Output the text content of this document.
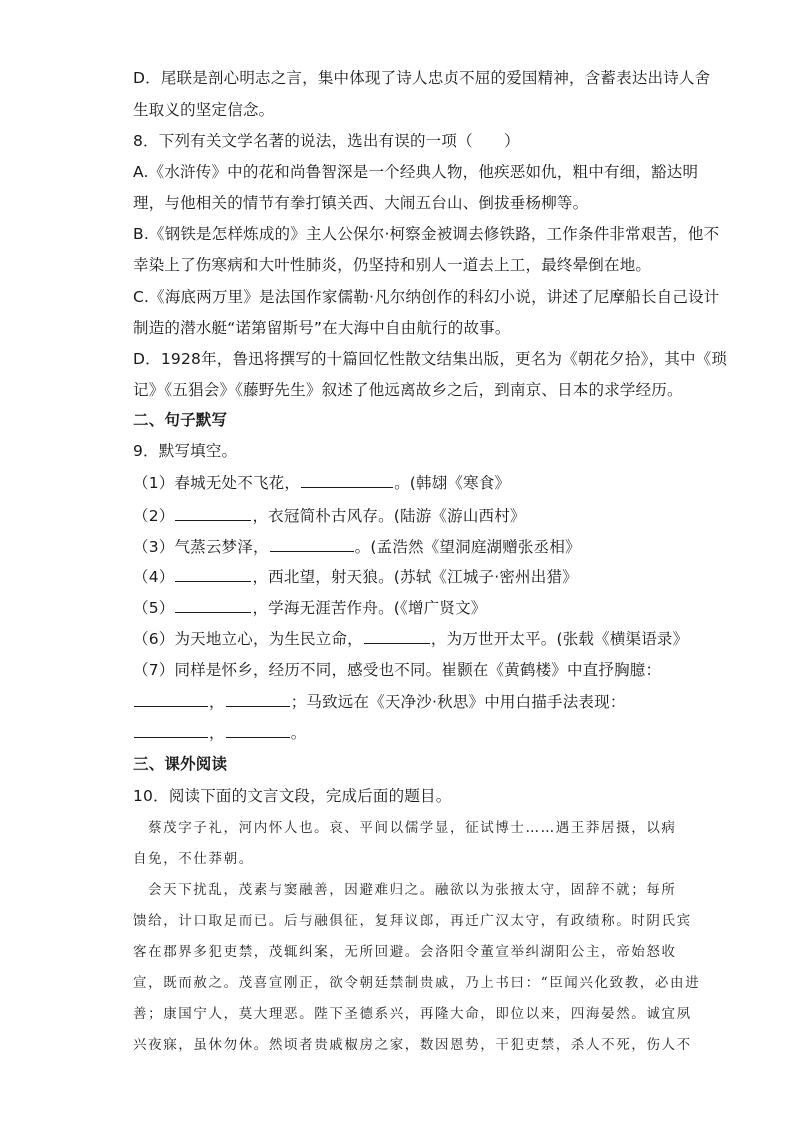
D．尾联是剖心明志之言，集中体现了诗人忠贞不屈的爱国精神，含蓄表达出诗人舍
生取义的坚定信念。
8．下列有关文学名著的说法，选出有误的一项（　　）
A.《水浒传》中的花和尚鲁智深是一个经典人物，他疾恶如仇，粗中有细，豁达明
理，与他相关的情节有拳打镇关西、大闹五台山、倒拔垂杨柳等。
B.《钢铁是怎样炼成的》主人公保尔·柯察金被调去修铁路，工作条件非常艰苦，他不
幸染上了伤寒病和大叶性肺炎，仍坚持和别人一道去上工，最终晕倒在地。
C.《海底两万里》是法国作家儒勒·凡尔纳创作的科幻小说，讲述了尼摩船长自己设计
制造的潜水艇“诺第留斯号”在大海中自由航行的故事。
D．1928年，鲁迅将撰写的十篇回忆性散文结集出版，更名为《朝花夕拾》，其中《琐
记》《五猖会》《藤野先生》叙述了他远离故乡之后，到南京、日本的求学经历。
二、句子默写
9．默写填空。
（1）春城无处不飞花，	。(韩翃《寒食》
（2）	，衣冠简朴古风存。(陆游《游山西村》
（3）气蒸云梦泽，	。(孟浩然《望洞庭湖赠张丞相》
（4）	，西北望，射天狼。(苏轼《江城子·密州出猎》
（5）	，学海无涯苦作舟。(《增广贤文》
（6）为天地立心，为生民立命，	，为万世开太平。(张载《横渠语录》
（7）同样是怀乡，经历不同，感受也不同。崔颢在《黄鹤楼》中直抒胸臆：
，	；马致远在《天净沙·秋思》中用白描手法表现：
，	。
三、课外阅读
10．阅读下面的文言文段，完成后面的题目。
蔡茂字子礼，河内怀人也。哀、平间以儒学显，征试博士……遇王莽居摄，以病
自免，不仕莽朝。
会天下扰乱，茂素与窦融善，因避难归之。融欲以为张掖太守，固辞不就；每所
馈给，计口取足而已。后与融俱征，复拜议郎，再迁广汉太守，有政绩称。时阴氏宾
客在郡界多犯吏禁，茂辄纠案，无所回避。会洛阳令董宣举纠湖阳公主，帝始怒收
宣，既而赦之。茂喜宣刚正，欲令朝廷禁制贵戚，乃上书曰：“臣闻兴化致教，必由进
善；康国宁人，莫大理恶。陛下圣德系兴，再隆大命，即位以来，四海晏然。诚宜夙
兴夜寐，虽休勿休。然顷者贵戚椒房之家，数因恩势，干犯吏禁，杀人不死，伤人不
